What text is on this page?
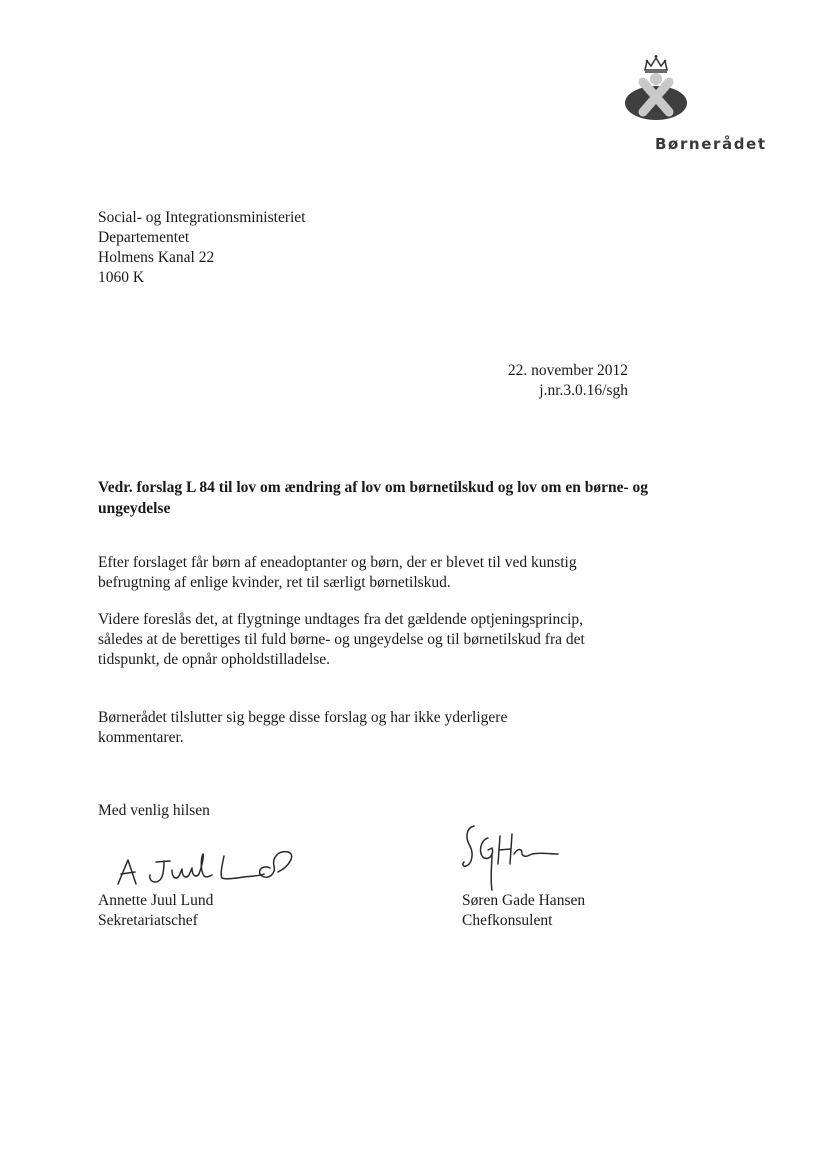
Børnerådet
Social- og Integrationsministeriet
Departementet
Holmens Kanal 22
1060 K
22. november 2012
j.nr.3.0.16/sgh
Vedr. forslag L 84 til lov om ændring af lov om børnetilskud og lov om en børne- og ungeydelse
Efter forslaget får børn af eneadoptanter og børn, der er blevet til ved kunstig
befrugtning af enlige kvinder, ret til særligt børnetilskud.
Videre foreslås det, at flygtninge undtages fra det gældende optjeningsprincip,
således at de berettiges til fuld børne- og ungeydelse og til børnetilskud fra det
tidspunkt, de opnår opholdstilladelse.
Børnerådet tilslutter sig begge disse forslag og har ikke yderligere
kommentarer.
Med venlig hilsen
Annette Juul Lund
Sekretariatschef
Søren Gade Hansen
Chefkonsulent
